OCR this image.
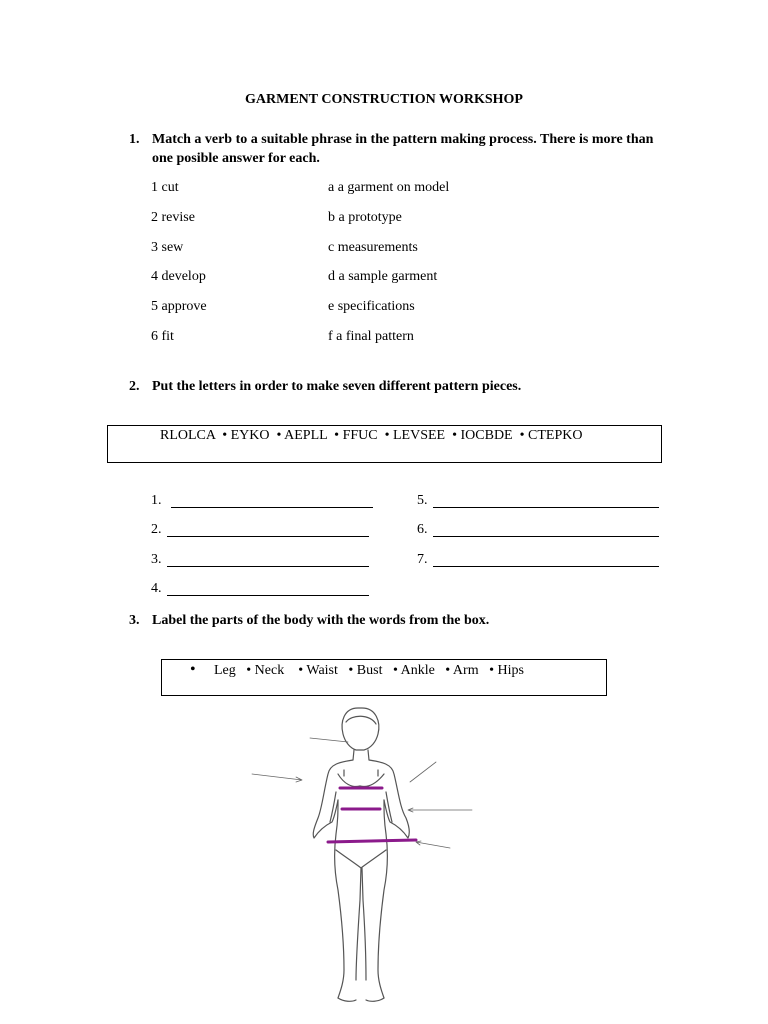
GARMENT CONSTRUCTION WORKSHOP
1. Match a verb to a suitable phrase in the pattern making process. There is more than one posible answer for each.
1 cut
2 revise
3 sew
4 develop
5 approve
6 fit
a a garment on model
b a prototype
c measurements
d a sample garment
e specifications
f a final pattern
2. Put the letters in order to make seven different pattern pieces.
RLOLCA  • EYKO  • AEPLL  • FFUC  • LEVSEE  • IOCBDE  • CTEPKO
1.
2.
3.
4.
5.
6.
7.
3. Label the parts of the body with the words from the box.
• Leg   • Neck    • Waist   • Bust   • Ankle   • Arm   • Hips
